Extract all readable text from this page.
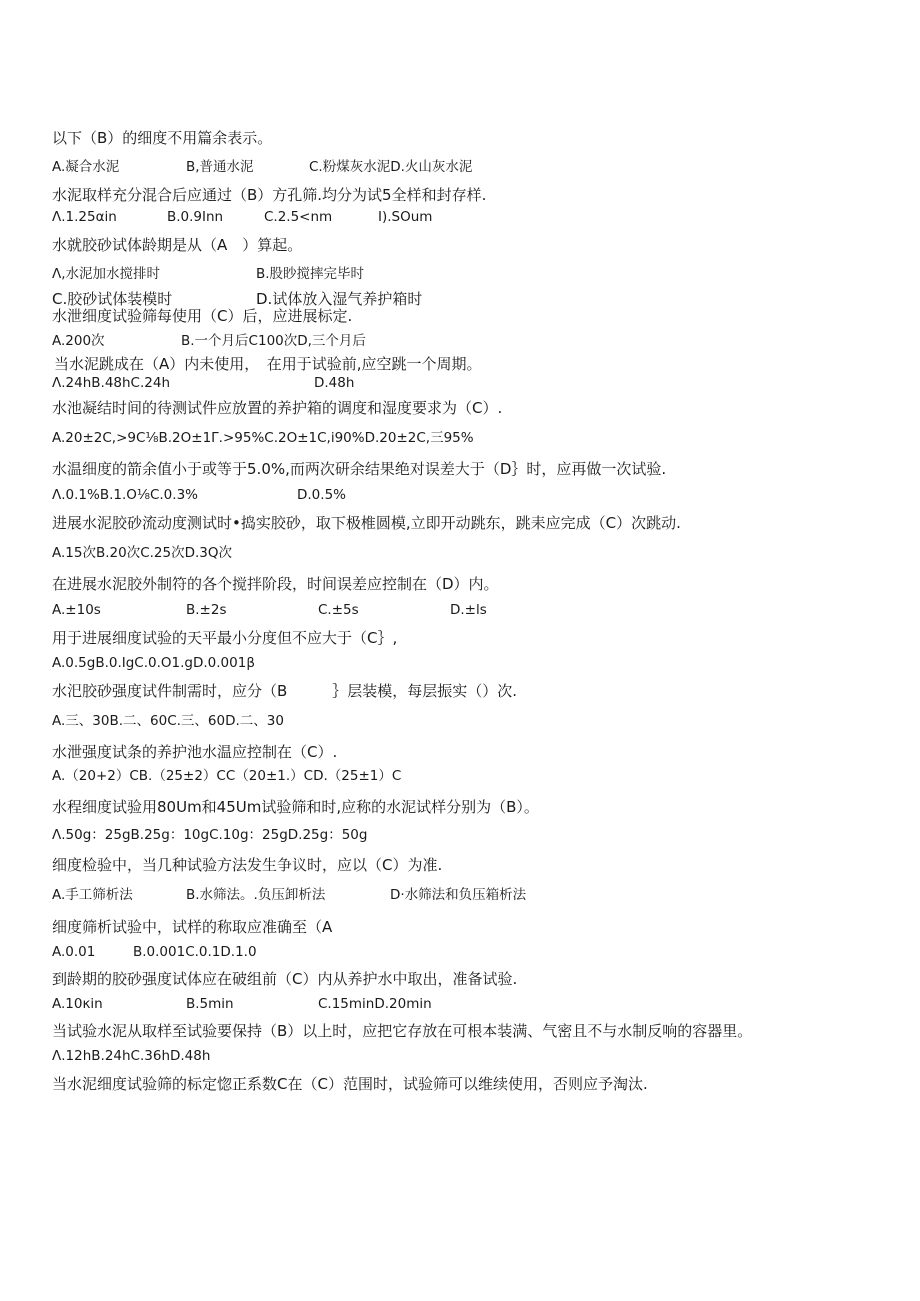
以下（B）的细度不用篇余表示。
A.凝合水泥	B,普通水泥	C.粉煤灰水泥D.火山灰水泥
水泥取样充分混合后应通过（B）方孔筛.均分为试5全样和封存样.
Λ.1.25αin	B.0.9Inn	C.2.5<nm	I).SOum
水就胶砂试体龄期是从（A　）算起。
Λ,水泥加水搅排时	B.股眇搅摔完毕时
C.胶砂试体装模时	D.试体放入湿气养护箱时
水泄细度试验筛每使用（C）后，应进展标定.
A.200次	B.一个月后C100次D,三个月后
当水泥跳成在（A）内未使用，　在用于试验前,应空跳一个周期。
Λ.24hB.48hC.24h	D.48h
水池凝结时间的待测试件应放置的养护箱的调度和湿度要求为（C）.
A.20±2C,>9C⅛B.2O±1Γ.>95%C.2O±1C,i90%D.20±2C,三95%
水温细度的箭余值小于或等于5.0%,而两次研余结果绝对误差大于（D｝时，应再做一次试验.
Λ.0.1%B.1.O⅛C.0.3%	D.0.5%
进展水泥胶砂流动度测试时•捣实胶砂，取下极椎圆模,立即开动跳东，跳耒应完成（C）次跳动.
A.15次B.20次C.25次D.3Q次
在进展水泥胶外制符的各个搅拌阶段，时间误差应控制在（D）内。
A.±10s	B.±2s	C.±5s	D.±ls
用于进展细度试验的天平最小分度但不应大于（C｝,
A.0.5gB.0.IgC.0.O1.gD.0.001β
水汜胶砂强度试件制需时，应分（B　　　｝层装模，每层振实（）次.
A.三、30B.二、60C.三、60D.二、30
水泄强度试条的养护池水温应控制在（C）.
A.（20+2）CB.（25±2）CC（20±1.）CD.（25±1）C
水程细度试验用80Um和45Um试验筛和时,应称的水泥试样分别为（B）。
Λ.50g：25gB.25g：10gC.10g：25gD.25g：50g
细度检验中，当几种试验方法发生争议时，应以（C）为准.
A.手工筛析法	B.水筛法。.负压卸析法	D·水筛法和负压箱析法
细度筛析试验中，试样的称取应准确至（A
A.0.01	B.0.001C.0.1D.1.0
到龄期的胶砂强度试体应在破组前（C）内从养护水中取出，准备试验.
A.10κin	B.5min	C.15minD.20min
当试验水泥从取样至试验要保持（B）以上时，应把它存放在可根本装满、气密且不与水制反响的容器里。
Λ.12hB.24hC.36hD.48h
当水泥细度试验筛的标定惚正系数C在（C）范围时，试验筛可以维续使用，否则应予淘汰.
